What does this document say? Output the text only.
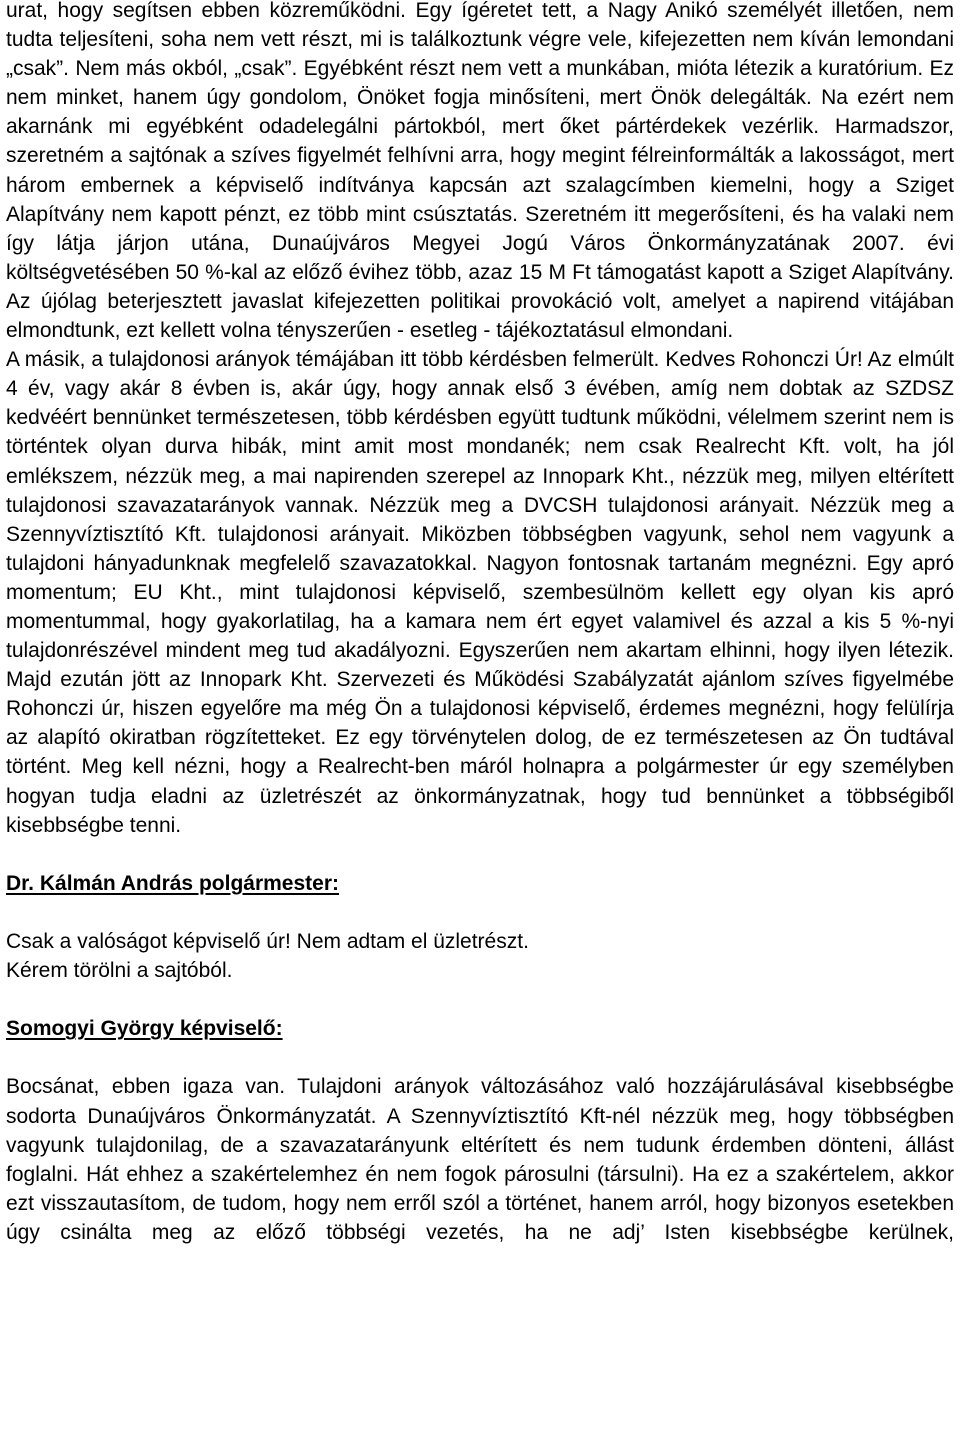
urat, hogy segítsen ebben közreműködni. Egy ígéretet tett, a Nagy Anikó személyét illetően, nem tudta teljesíteni, soha nem vett részt, mi is találkoztunk végre vele, kifejezetten nem kíván lemondani „csak”. Nem más okból, „csak”. Egyébként részt nem vett a munkában, mióta létezik a kuratórium. Ez nem minket, hanem úgy gondolom, Önöket fogja minősíteni, mert Önök delegálták. Na ezért nem akarnánk mi egyébként odadelegálni pártokból, mert őket pártérdekek vezérlik. Harmadszor, szeretném a sajtónak a szíves figyelmét felhívni arra, hogy megint félreinformálták a lakosságot, mert három embernek a képviselő indítványa kapcsán azt szalagcímben kiemelni, hogy a Sziget Alapítvány nem kapott pénzt, ez több mint csúsztatás. Szeretném itt megerősíteni, és ha valaki nem így látja járjon utána, Dunaújváros Megyei Jogú Város Önkormányzatának 2007. évi költségvetésében 50 %-kal az előző évihez több, azaz 15 M Ft támogatást kapott a Sziget Alapítvány. Az újólag beterjesztett javaslat kifejezetten politikai provokáció volt, amelyet a napirend vitájában elmondtunk, ezt kellett volna tényszerűen - esetleg - tájékoztatásul elmondani.

A másik, a tulajdonosi arányok témájában itt több kérdésben felmerült. Kedves Rohonczi Úr! Az elmúlt 4 év, vagy akár 8 évben is, akár úgy, hogy annak első 3 évében, amíg nem dobtak az SZDSZ kedvéért bennünket természetesen, több kérdésben együtt tudtunk működni, vélelmem szerint nem is történtek olyan durva hibák, mint amit most mondanék; nem csak Realrecht Kft. volt, ha jól emlékszem, nézzük meg, a mai napirenden szerepel az Innopark Kht., nézzük meg, milyen eltérített tulajdonosi szavazatarányok vannak. Nézzük meg a DVCSH tulajdonosi arányait. Nézzük meg a Szennyvíztisztító Kft. tulajdonosi arányait. Miközben többségben vagyunk, sehol nem vagyunk a tulajdoni hányadunknak megfelelő szavazatokkal. Nagyon fontosnak tartanám megnézni. Egy apró momentum; EU Kht., mint tulajdonosi képviselő, szembesülnöm kellett egy olyan kis apró momentummal, hogy gyakorlatilag, ha a kamara nem ért egyet valamivel és azzal a kis 5 %-nyi tulajdonrészével mindent meg tud akadályozni. Egyszerűen nem akartam elhinni, hogy ilyen létezik. Majd ezután jött az Innopark Kht. Szervezeti és Működési Szabályzatát ajánlom szíves figyelmébe Rohonczi úr, hiszen egyelőre ma még Ön a tulajdonosi képviselő, érdemes megnézni, hogy felülírja az alapító okiratban rögzítetteket. Ez egy törvénytelen dolog, de ez természetesen az Ön tudtával történt. Meg kell nézni, hogy a Realrecht-ben máról holnapra a polgármester úr egy személyben hogyan tudja eladni az üzletrészét az önkormányzatnak, hogy tud bennünket a többségiből kisebbségbe tenni.

Dr. Kálmán András polgármester:

Csak a valóságot képviselő úr! Nem adtam el üzletrészt.

Kérem törölni a sajtóból.

Somogyi György képviselő:

Bocsánat, ebben igaza van. Tulajdoni arányok változásához való hozzájárulásával kisebbségbe sodorta Dunaújváros Önkormányzatát. A Szennyvíztisztító Kft-nél nézzük meg, hogy többségben vagyunk tulajdonilag, de a szavazatarányunk eltérített és nem tudunk érdemben dönteni, állást foglalni. Hát ehhez a szakértelemhez én nem fogok párosulni (társulni). Ha ez a szakértelem, akkor ezt visszautasítom, de tudom, hogy nem erről szól a történet, hanem arról, hogy bizonyos esetekben úgy csinálta meg az előző többségi vezetés, ha ne adj’ Isten kisebbségbe kerülnek,
